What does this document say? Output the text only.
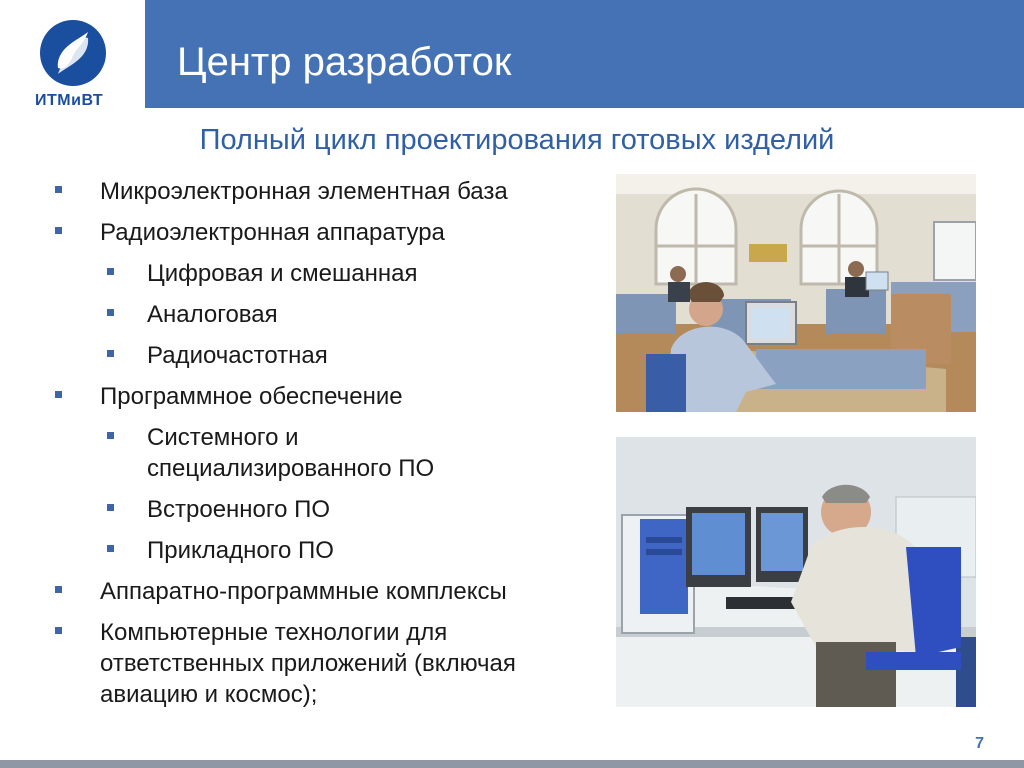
ИТМиВТ
Центр разработок
Полный цикл проектирования готовых изделий
Микроэлектронная элементная база
Радиоэлектронная аппаратура
Цифровая и смешанная
Аналоговая
Радиочастотная
Программное обеспечение
Системного и
специализированного ПО
Встроенного ПО
Прикладного ПО
Аппаратно-программные комплексы
Компьютерные технологии для
ответственных приложений (включая
авиацию и космос);
7
